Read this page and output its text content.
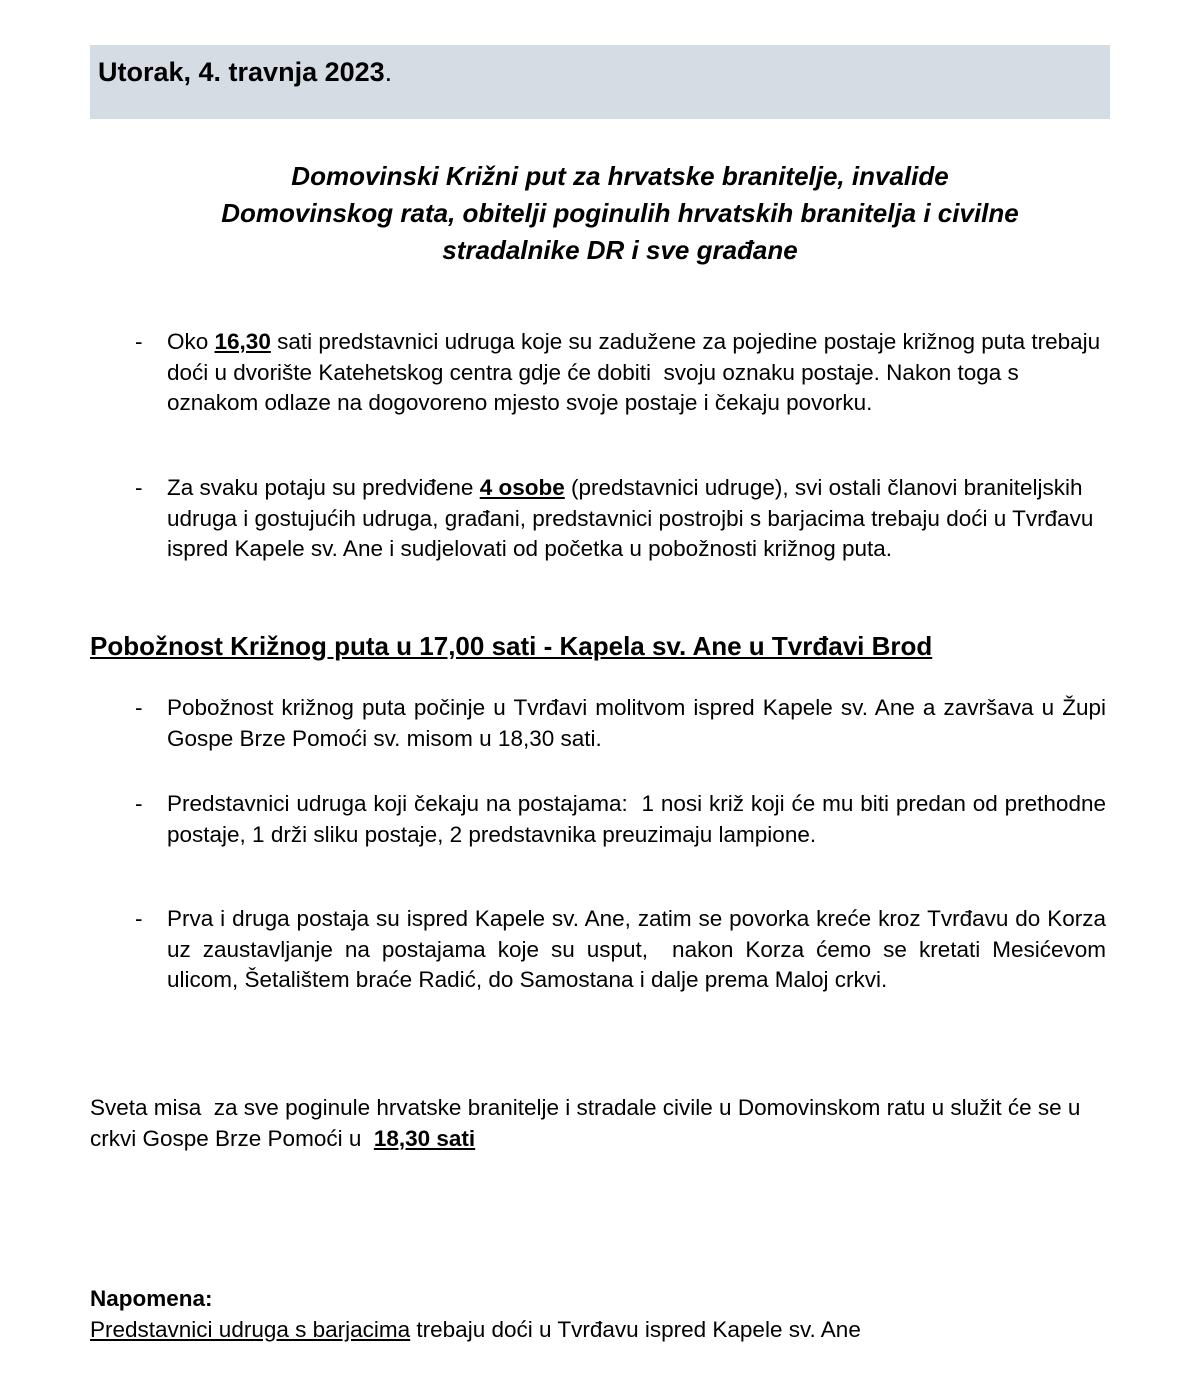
Utorak, 4. travnja 2023.
Domovinski Križni put za hrvatske branitelje, invalide
Domovinskog rata, obitelji poginulih hrvatskih branitelja i civilne
stradalnike DR i sve građane
- Oko 16,30 sati predstavnici udruga koje su zadužene za pojedine postaje križnog puta trebaju doći u dvorište Katehetskog centra gdje će dobiti  svoju oznaku postaje. Nakon toga s oznakom odlaze na dogovoreno mjesto svoje postaje i čekaju povorku.

- Za svaku potaju su predviđene 4 osobe (predstavnici udruge), svi ostali članovi braniteljskih udruga i gostujućih udruga, građani, predstavnici postrojbi s barjacima trebaju doći u Tvrđavu ispred Kapele sv. Ane i sudjelovati od početka u pobožnosti križnog puta.

Pobožnost Križnog puta u 17,00 sati - Kapela sv. Ane u Tvrđavi Brod
- Pobožnost križnog puta počinje u Tvrđavi molitvom ispred Kapele sv. Ane a završava u Župi Gospe Brze Pomoći sv. misom u 18,30 sati.

- Predstavnici udruga koji čekaju na postajama:  1 nosi križ koji će mu biti predan od prethodne postaje, 1 drži sliku postaje, 2 predstavnika preuzimaju lampione.

- Prva i druga postaja su ispred Kapele sv. Ane, zatim se povorka kreće kroz Tvrđavu do Korza uz zaustavljanje na postajama koje su usput,  nakon Korza ćemo se kretati Mesićevom ulicom, Šetalištem braće Radić, do Samostana i dalje prema Maloj crkvi.

Sveta misa  za sve poginule hrvatske branitelje i stradale civile u Domovinskom ratu u služit će se u crkvi Gospe Brze Pomoći u  18,30 sati

Napomena:

Predstavnici udruga s barjacima trebaju doći u Tvrđavu ispred Kapele sv. Ane
